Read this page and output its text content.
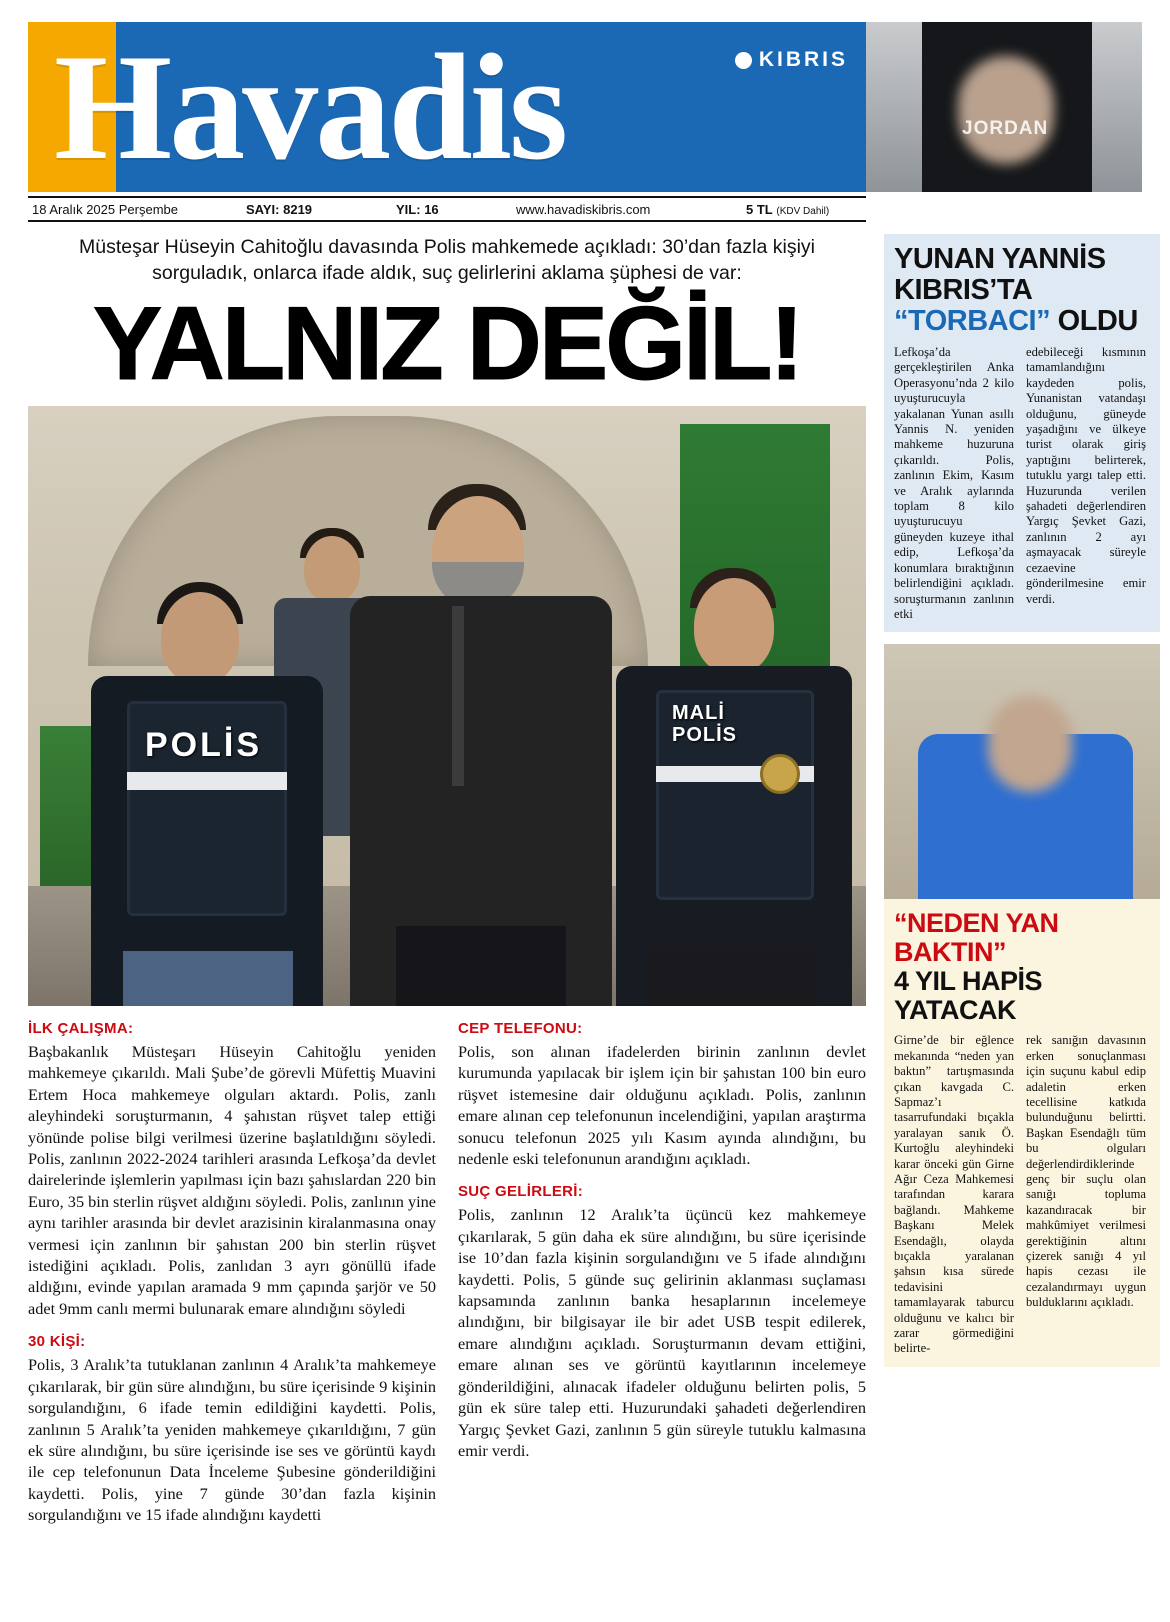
Havadis	KIBRIS
JORDAN
18 Aralık 2025 Perşembe	SAYI: 8219	YIL: 16	www.havadiskibris.com	5 TL (KDV Dahil)
Müsteşar Hüseyin Cahitoğlu davasında Polis mahkemede açıkladı: 30’dan fazla kişiyi sorguladık, onlarca ifade aldık, suç gelirlerini aklama şüphesi de var:
YALNIZ DEĞİL!
POLİS
MALİ
POLİS
İLK ÇALIŞMA:

Başbakanlık Müsteşarı Hüseyin Cahitoğlu yeniden mahkemeye çıkarıldı. Mali Şube’de görevli Müfettiş Muavini Ertem Hoca mahkemeye olguları aktardı. Polis, zanlı aleyhindeki soruşturmanın, 4 şahıstan rüşvet talep ettiği yönünde polise bilgi verilmesi üzerine başlatıldığını söyledi. Polis, zanlının 2022-2024 tarihleri arasında Lefkoşa’da devlet dairelerinde işlemlerin yapılması için bazı şahıslardan 220 bin Euro, 35 bin sterlin rüşvet aldığını söyledi. Polis, zanlının yine aynı tarihler arasında bir devlet arazisinin kiralanmasına onay vermesi için zanlının bir şahıstan 200 bin sterlin rüşvet istediğini açıkladı. Polis, zanlıdan 3 ayrı gönüllü ifade aldığını, evinde yapılan aramada 9 mm çapında şarjör ve 50 adet 9mm canlı mermi bulunarak emare alındığını söyledi

30 KİŞİ:

Polis, 3 Aralık’ta tutuklanan zanlının 4 Aralık’ta mahkemeye çıkarılarak, bir gün süre alındığını, bu süre içerisinde 9 kişinin sorgulandığını, 6 ifade temin edildiğini kaydetti. Polis, zanlının 5 Aralık’ta yeniden mahkemeye çıkarıldığını, 7 gün ek süre alındığını, bu süre içerisinde ise ses ve görüntü kaydı ile cep telefonunun Data İnceleme Şubesine gönderildiğini kaydetti. Polis, yine 7 günde 30’dan fazla kişinin sorgulandığını ve 15 ifade alındığını kaydetti

CEP TELEFONU:

Polis, son alınan ifadelerden birinin zanlının devlet kurumunda yapılacak bir işlem için bir şahıstan 100 bin euro rüşvet istemesine dair olduğunu açıkladı. Polis, zanlının emare alınan cep telefonunun incelendiğini, yapılan araştırma sonucu telefonun 2025 yılı Kasım ayında alındığını, bu nedenle eski telefonunun arandığını açıkladı.

SUÇ GELİRLERİ:

Polis, zanlının 12 Aralık’ta üçüncü kez mahkemeye çıkarılarak, 5 gün daha ek süre alındığını, bu süre içerisinde ise 10’dan fazla kişinin sorgulandığını ve 5 ifade alındığını kaydetti. Polis, 5 günde suç gelirinin aklanması suçlaması kapsamında zanlının banka hesaplarının incelemeye alındığını, bir bilgisayar ile bir adet USB tespit edilerek, emare alındığını açıkladı. Soruşturmanın devam ettiğini, emare alınan ses ve görüntü kayıtlarının incelemeye gönderildiğini, alınacak ifadeler olduğunu belirten polis, 5 gün ek süre talep etti. Huzurundaki şahadeti değerlendiren Yargıç Şevket Gazi, zanlının 5 gün süreyle tutuklu kalmasına emir verdi.

YUNAN YANNİS
KIBRIS’TA
“TORBACI” OLDU

Lefkoşa’da gerçekleştirilen Anka Operasyonu’nda 2 kilo uyuşturucuyla yakalanan Yunan asıllı Yannis N. yeniden mahkeme huzuruna çıkarıldı. Polis, zanlının Ekim, Kasım ve Aralık aylarında toplam 8 kilo uyuşturucuyu güneyden kuzeye ithal edip, Lefkoşa’da konumlara bıraktığının belirlendiğini açıkladı. soruşturmanın zanlının etki

edebileceği kısmının tamamlandığını kaydeden polis, Yunanistan vatandaşı olduğunu, güneyde yaşadığını ve ülkeye turist olarak giriş yaptığını belirterek, tutuklu yargı talep etti. Huzurunda verilen şahadeti değerlendiren Yargıç Şevket Gazi, zanlının 2 ayı aşmayacak süreyle cezaevine gönderilmesine emir verdi.

“NEDEN YAN
BAKTIN”
4 YIL HAPİS
YATACAK

Girne’de bir eğlence mekanında “neden yan baktın” tartışmasında çıkan kavgada C. Sapmaz’ı tasarrufundaki bıçakla yaralayan sanık Ö. Kurtoğlu aleyhindeki karar önceki gün Girne Ağır Ceza Mahkemesi tarafından karara bağlandı. Mahkeme Başkanı Melek Esendağlı, olayda bıçakla yaralanan şahsın kısa sürede tedavisini tamamlayarak taburcu olduğunu ve kalıcı bir zarar görmediğini belirte-

rek sanığın davasının erken sonuçlanması için suçunu kabul edip adaletin erken tecellisine katkıda bulunduğunu belirtti. Başkan Esendağlı tüm bu olguları değerlendirdiklerinde genç bir suçlu olan sanığı topluma kazandıracak bir mahkûmiyet verilmesi gerektiğinin altını çizerek sanığı 4 yıl hapis cezası ile cezalandırmayı uygun bulduklarını açıkladı.
